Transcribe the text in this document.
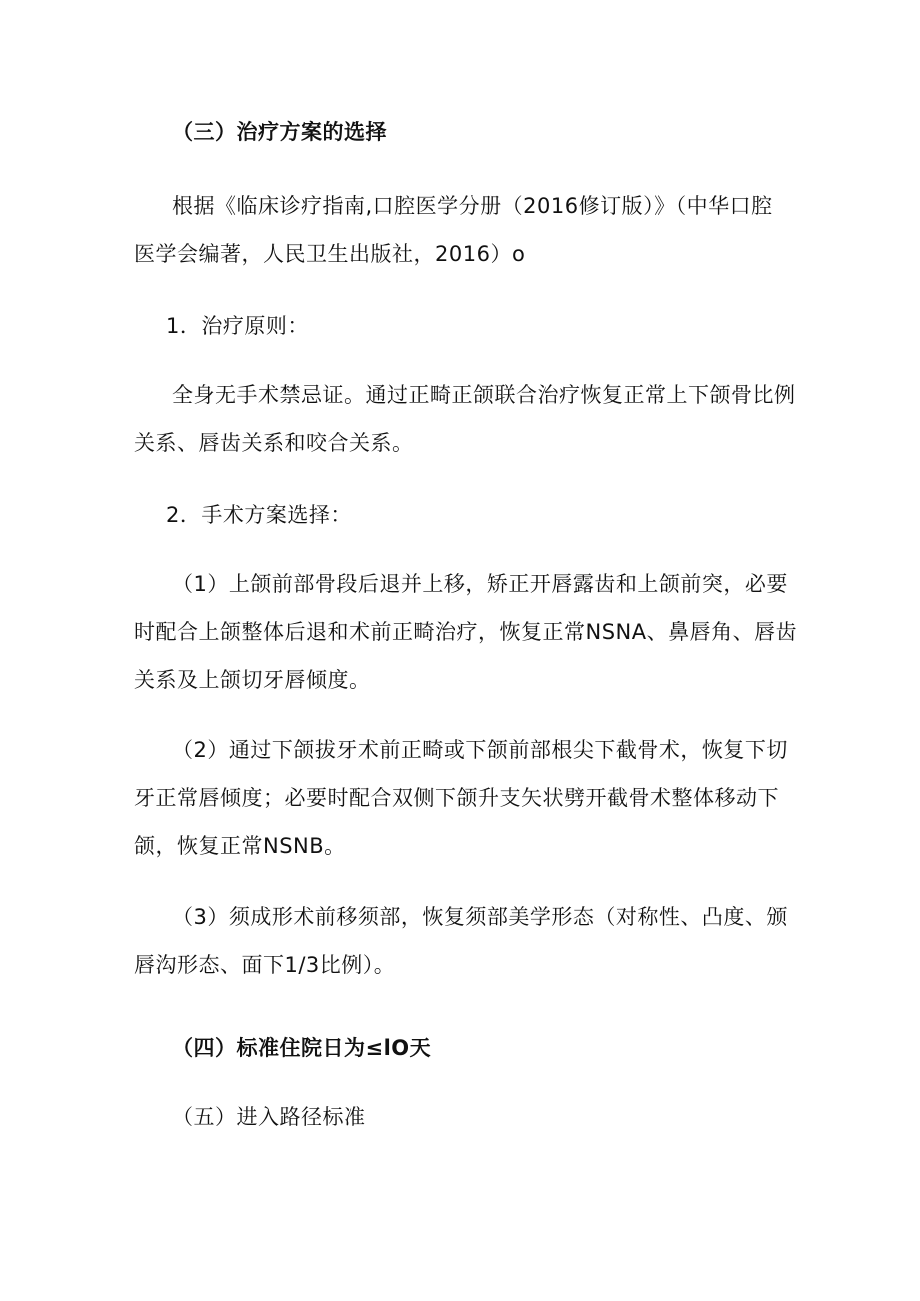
（三）治疗方案的选择
根据《临床诊疗指南,口腔医学分册（2016修订版）》（中华口腔
医学会编著，人民卫生出版社，2016）o
1．治疗原则：
全身无手术禁忌证。通过正畸正颌联合治疗恢复正常上下颌骨比例
关系、唇齿关系和咬合关系。
2．手术方案选择：
（1）上颌前部骨段后退并上移，矫正开唇露齿和上颌前突，必要
时配合上颌整体后退和术前正畸治疗，恢复正常NSNA、鼻唇角、唇齿
关系及上颌切牙唇倾度。
（2）通过下颌拔牙术前正畸或下颌前部根尖下截骨术，恢复下切
牙正常唇倾度；必要时配合双侧下颌升支矢状劈开截骨术整体移动下
颌，恢复正常NSNB。
（3）须成形术前移须部，恢复须部美学形态（对称性、凸度、颁
唇沟形态、面下1/3比例）。
（四）标准住院日为≤lO天
（五）进入路径标准
